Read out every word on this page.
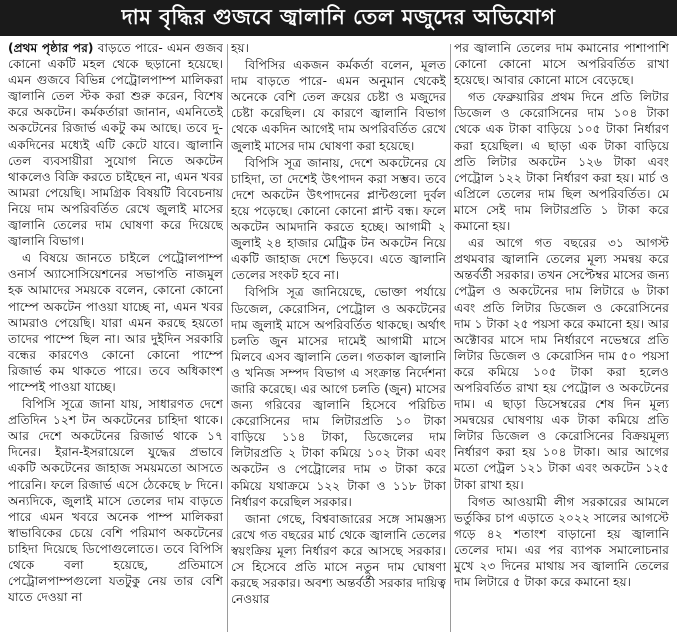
দাম বৃদ্ধির গুজবে জ্বালানি তেল মজুদের অভিযোগ

(প্রথম পৃষ্ঠার পর) বাড়তে পারে- এমন গুজব কোনো একটি মহল থেকে ছড়ানো হয়েছে। এমন গুজবে বিভিন্ন পেট্রোলপাম্প মালিকরা জ্বালানি তেল স্টক করা শুরু করেন, বিশেষ করে অকটেন। কর্মকর্তারা জানান, এমনিতেই অকটেনের রিজার্ভ একটু কম আছে। তবে দু-একদিনের মধ্যেই এটি কেটে যাবে। জ্বালানি তেল ব্যবসায়ীরা সুযোগ নিতে অকটেন থাকলেও বিক্রি করতে চাইছেন না, এমন খবর আমরা পেয়েছি। সামগ্রিক বিষয়টি বিবেচনায় নিয়ে দাম অপরিবর্তিত রেখে জুলাই মাসের জ্বালানি তেলের দাম ঘোষণা করে দিয়েছে জ্বালানি বিভাগ।

এ বিষয়ে জানতে চাইলে পেট্রোলপাম্প ওনার্স অ্যাসোসিয়েশনের সভাপতি নাজমুল হক আমাদের সময়কে বলেন, কোনো কোনো পাম্পে অকটেন পাওয়া যাচ্ছে না, এমন খবর আমরাও পেয়েছি। যারা এমন করছে হয়তো তাদের পাম্পে ছিল না। আর দুইদিন সরকারি বন্ধের কারণেও কোনো কোনো পাম্পে রিজার্ভ কম থাকতে পারে। তবে অধিকাংশ পাম্পেই পাওয়া যাচ্ছে।

বিপিসি সূত্রে জানা যায়, সাধারণত দেশে প্রতিদিন ১২শ টন অকটেনের চাহিদা থাকে। আর দেশে অকটেনের রিজার্ভ থাকে ১৭ দিনের। ইরান-ইসরায়েলে যুদ্ধের প্রভাবে একটি অকটেনের জাহাজ সময়মতো আসতে পারেনি। ফলে রিজার্ভ এসে ঠেকেছে ৮ দিনে। অন্যদিকে, জুলাই মাসে তেলের দাম বাড়তে পারে এমন খবরে অনেক পাম্প মালিকরা স্বাভাবিকের চেয়ে বেশি পরিমাণ অকটেনের চাহিদা দিয়েছে ডিপোগুলোতে। তবে বিপিসি থেকে বলা হয়েছে, প্রতিমাসে পেট্রোলপাম্পগুলো যতটুকু নেয় তার বেশি যাতে দেওয়া না

হয়।

বিপিসির একজন কর্মকর্তা বলেন, মূলত দাম বাড়তে পারে- এমন অনুমান থেকেই অনেকে বেশি তেল ক্রয়ের চেষ্টা ও মজুদের চেষ্টা করেছিল। যে কারণে জ্বালানি বিভাগ থেকে একদিন আগেই দাম অপরিবর্তিত রেখে জুলাই মাসের দাম ঘোষণা করা হয়েছে।

বিপিসি সূত্র জানায়, দেশে অকটেনের যে চাহিদা, তা দেশেই উৎপাদন করা সম্ভব। তবে দেশে অকটেন উৎপাদনের প্লান্টগুলো দুর্বল হয়ে পড়েছে। কোনো কোনো প্লান্ট বন্ধ। ফলে অকটেন আমদানি করতে হচ্ছে। আগামী ২ জুলাই ২৪ হাজার মেট্রিক টন অকটেন নিয়ে একটি জাহাজ দেশে ভিড়বে। এতে জ্বালানি তেলের সংকট হবে না।

বিপিসি সূত্র জানিয়েছে, ভোক্তা পর্যায়ে ডিজেল, কেরোসিন, পেট্রোল ও অকটেনের দাম জুলাই মাসে অপরিবর্তিত থাকছে। অর্থাৎ চলতি জুন মাসের দামেই আগামী মাসে মিলবে এসব জ্বালানি তেল। গতকাল জ্বালানি ও খনিজ সম্পদ বিভাগ এ সংক্রান্ত নির্দেশনা জারি করেছে। এর আগে চলতি (জুন) মাসের জন্য গরিবের জ্বালানি হিসেবে পরিচিত কেরোসিনের দাম লিটারপ্রতি ১০ টাকা বাড়িয়ে ১১৪ টাকা, ডিজেলের দাম লিটারপ্রতি ২ টাকা কমিয়ে ১০২ টাকা এবং অকটেন ও পেট্রোলের দাম ৩ টাকা করে কমিয়ে যথাক্রমে ১২২ টাকা ও ১১৮ টাকা নির্ধারণ করেছিল সরকার।

জানা গেছে, বিশ্ববাজারের সঙ্গে সামঞ্জস্য রেখে গত বছরের মার্চ থেকে জ্বালানি তেলের স্বয়ংক্রিয় মূল্য নির্ধারণ করে আসছে সরকার। সে হিসেবে প্রতি মাসে নতুন দাম ঘোষণা করছে সরকার। অবশ্য অন্তর্বর্তী সরকার দায়িত্ব নেওয়ার

পর জ্বালানি তেলের দাম কমানোর পাশাপাশি কোনো কোনো মাসে অপরিবর্তিত রাখা হয়েছে। আবার কোনো মাসে বেড়েছে।

গত ফেব্রুয়ারির প্রথম দিনে প্রতি লিটার ডিজেল ও কেরোসিনের দাম ১০৪ টাকা থেকে এক টাকা বাড়িয়ে ১০৫ টাকা নির্ধারণ করা হয়েছিল। এ ছাড়া এক টাকা বাড়িয়ে প্রতি লিটার অকটেন ১২৬ টাকা এবং পেট্রোল ১২২ টাকা নির্ধারণ করা হয়। মার্চ ও এপ্রিলে তেলের দাম ছিল অপরিবর্তিত। মে মাসে সেই দাম লিটারপ্রতি ১ টাকা করে কমানো হয়।

এর আগে গত বছরের ৩১ আগস্ট প্রথমবার জ্বালানি তেলের মূল্য সমন্বয় করে অন্তর্বর্তী সরকার। তখন সেপ্টেম্বর মাসের জন্য পেট্রল ও অকটেনের দাম লিটারে ৬ টাকা এবং প্রতি লিটার ডিজেল ও কেরোসিনের দাম ১ টাকা ২৫ পয়সা করে কমানো হয়। আর অক্টোবর মাসে দাম নির্ধারণে নভেম্বরে প্রতি লিটার ডিজেল ও কেরোসিন দাম ৫০ পয়সা করে কমিয়ে ১০৫ টাকা করা হলেও অপরিবর্তিত রাখা হয় পেট্রোল ও অকটেনের দাম। এ ছাড়া ডিসেম্বরের শেষ দিন মূল্য সমন্বয়ের ঘোষণায় এক টাকা কমিয়ে প্রতি লিটার ডিজেল ও কেরোসিনের বিক্রয়মূল্য নির্ধারণ করা হয় ১০৪ টাকা। আর আগের মতো পেট্রল ১২১ টাকা এবং অকটেন ১২৫ টাকা রাখা হয়।

বিগত আওয়ামী লীগ সরকারের আমলে ভর্তুকির চাপ এড়াতে ২০২২ সালের আগস্টে গড়ে ৪২ শতাংশ বাড়ানো হয় জ্বালানি তেলের দাম। এর পর ব্যাপক সমালোচনার মুখে ২৩ দিনের মাথায় সব জ্বালানি তেলের দাম লিটারে ৫ টাকা করে কমানো হয়।
